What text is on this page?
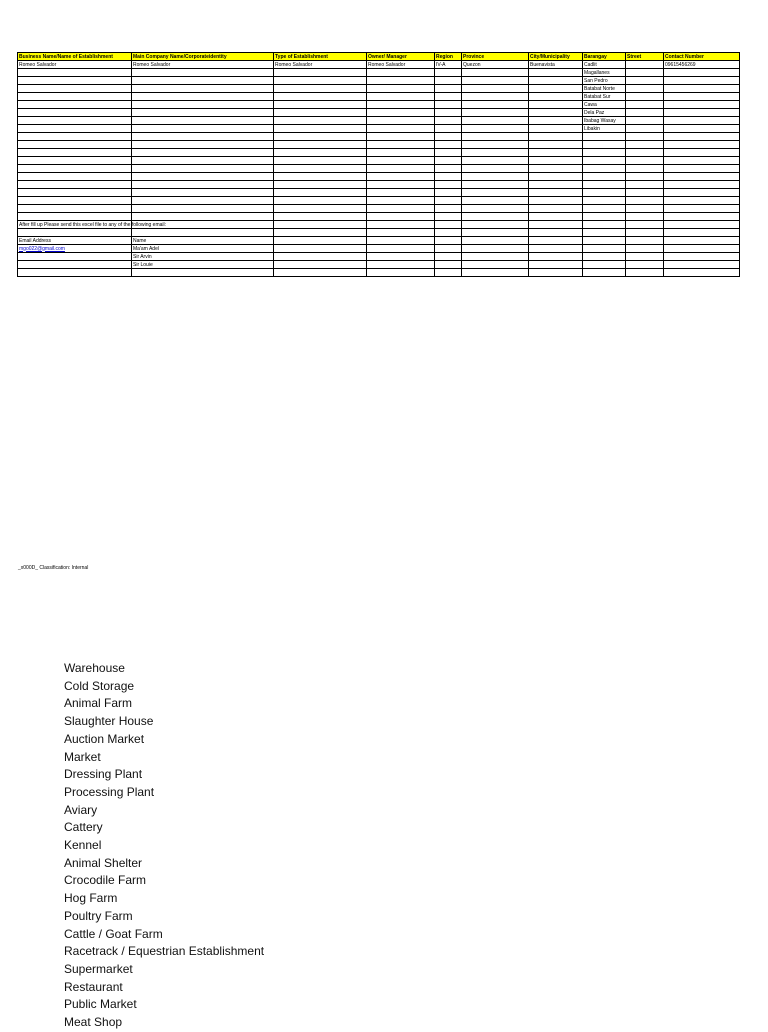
Business Name/Name of Establishment	Main Company Name/Corporateidentity	Type of Establishment	Owner/ Manager	Region	Province	City/Municipality	Barangay	Street	Contact Number
Romeo Salvador	Romeo Salvador	Romeo Salvador	Romeo Salvador	IV-A	Quezon	Buenavista	Cadlit		09615456269
							Magallanes		
							San Pedro		
							Batabat Norte		
							Batabat Sur		
							Cawa		
							Dela Paz		
							Ibabag Wasay		
							Libakin		

After fill up Please send this excel file to any of the following email:									

Email Address	Name								
mgo022@gmail.com	Ma'am Adel								
	Sir Arvin								
	Sir Louie								

_x000D_ Classification: Internal
Warehouse
Cold Storage
Animal Farm
Slaughter House
Auction Market
Market
Dressing Plant
Processing Plant
Aviary
Cattery
Kennel
Animal Shelter
Crocodile Farm
Hog Farm
Poultry Farm
Cattle / Goat Farm
Racetrack / Equestrian Establishment
Supermarket
Restaurant
Public Market
Meat Shop
